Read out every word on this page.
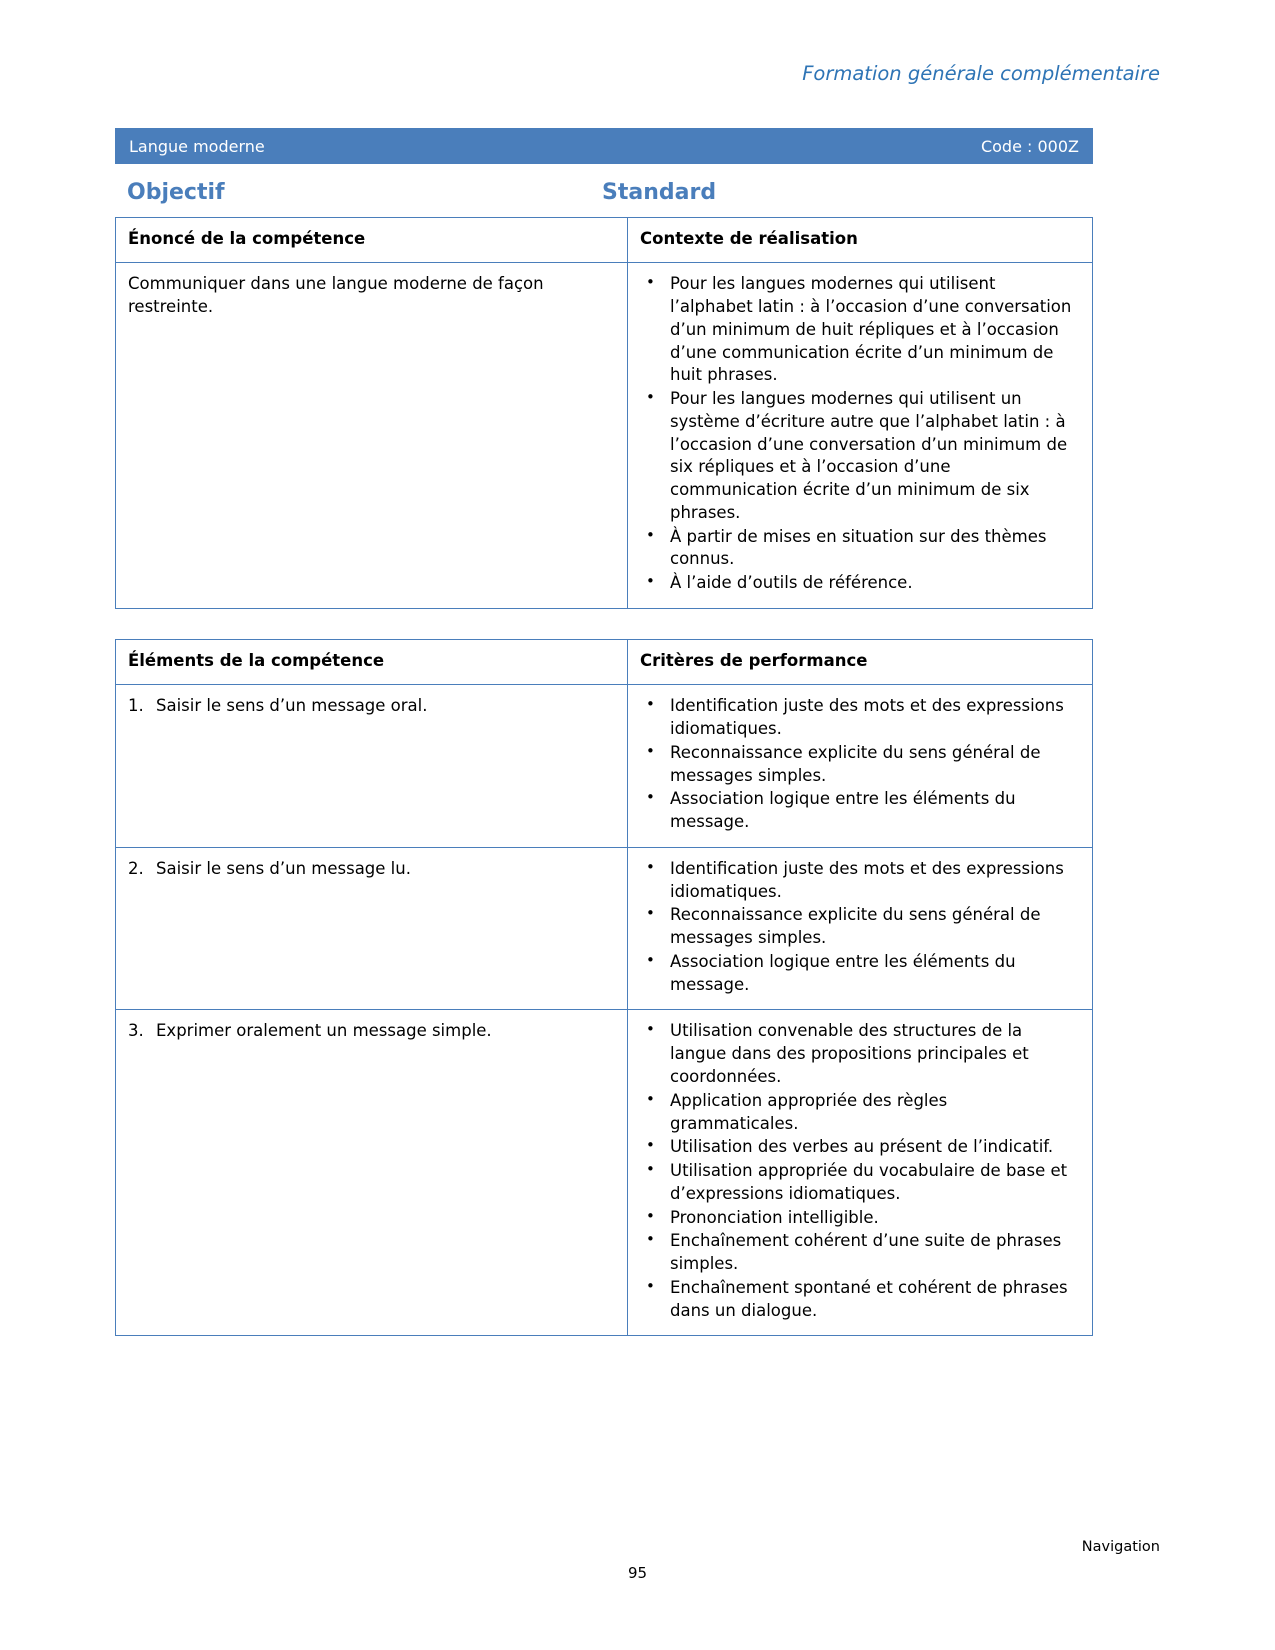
Formation générale complémentaire
Langue moderne	Code : 000Z
Objectif	Standard
Énoncé de la compétence	Contexte de réalisation
Communiquer dans une langue moderne de façon restreinte.	
• Pour les langues modernes qui utilisent l’alphabet latin : à l’occasion d’une conversation d’un minimum de huit répliques et à l’occasion d’une communication écrite d’un minimum de huit phrases.
• Pour les langues modernes qui utilisent un système d’écriture autre que l’alphabet latin : à l’occasion d’une conversation d’un minimum de six répliques et à l’occasion d’une communication écrite d’un minimum de six phrases.
• À partir de mises en situation sur des thèmes connus.
• À l’aide d’outils de référence.
Éléments de la compétence	Critères de performance

1. Saisir le sens d’un message oral.

•Identification juste des mots et des expressions idiomatiques.
• Reconnaissance explicite du sens général de messages simples.
• Association logique entre les éléments du message.

2. Saisir le sens d’un message lu.

•Identification juste des mots et des expressions idiomatiques.
• Reconnaissance explicite du sens général de messages simples.
• Association logique entre les éléments du message.

3. Exprimer oralement un message simple.

•Utilisation convenable des structures de la langue dans des propositions principales et coordonnées.
• Application appropriée des règles grammaticales.
• Utilisation des verbes au présent de l’indicatif.
• Utilisation appropriée du vocabulaire de base et d’expressions idiomatiques.
• Prononciation intelligible.
• Enchaînement cohérent d’une suite de phrases simples.
• Enchaînement spontané et cohérent de phrases dans un dialogue.
Navigation
95
